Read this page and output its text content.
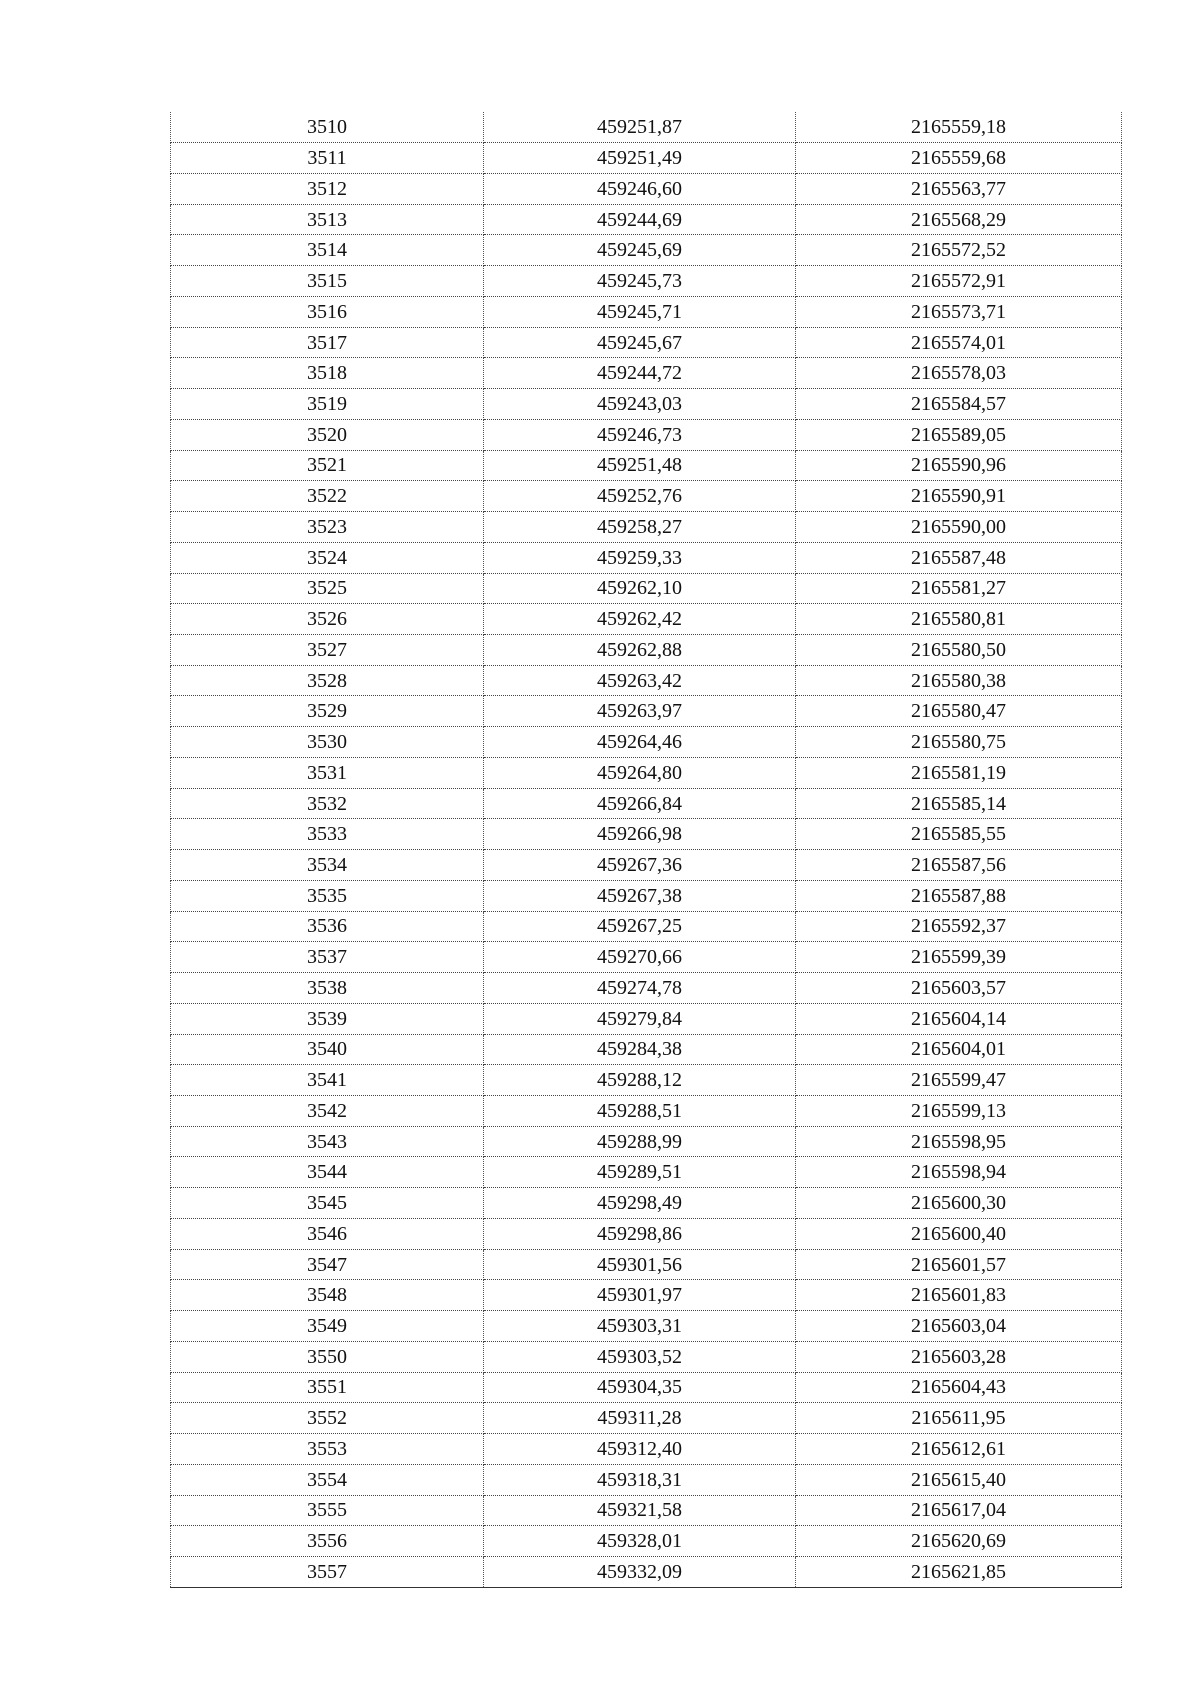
3510	459251,87	2165559,18
3511	459251,49	2165559,68
3512	459246,60	2165563,77
3513	459244,69	2165568,29
3514	459245,69	2165572,52
3515	459245,73	2165572,91
3516	459245,71	2165573,71
3517	459245,67	2165574,01
3518	459244,72	2165578,03
3519	459243,03	2165584,57
3520	459246,73	2165589,05
3521	459251,48	2165590,96
3522	459252,76	2165590,91
3523	459258,27	2165590,00
3524	459259,33	2165587,48
3525	459262,10	2165581,27
3526	459262,42	2165580,81
3527	459262,88	2165580,50
3528	459263,42	2165580,38
3529	459263,97	2165580,47
3530	459264,46	2165580,75
3531	459264,80	2165581,19
3532	459266,84	2165585,14
3533	459266,98	2165585,55
3534	459267,36	2165587,56
3535	459267,38	2165587,88
3536	459267,25	2165592,37
3537	459270,66	2165599,39
3538	459274,78	2165603,57
3539	459279,84	2165604,14
3540	459284,38	2165604,01
3541	459288,12	2165599,47
3542	459288,51	2165599,13
3543	459288,99	2165598,95
3544	459289,51	2165598,94
3545	459298,49	2165600,30
3546	459298,86	2165600,40
3547	459301,56	2165601,57
3548	459301,97	2165601,83
3549	459303,31	2165603,04
3550	459303,52	2165603,28
3551	459304,35	2165604,43
3552	459311,28	2165611,95
3553	459312,40	2165612,61
3554	459318,31	2165615,40
3555	459321,58	2165617,04
3556	459328,01	2165620,69
3557	459332,09	2165621,85
